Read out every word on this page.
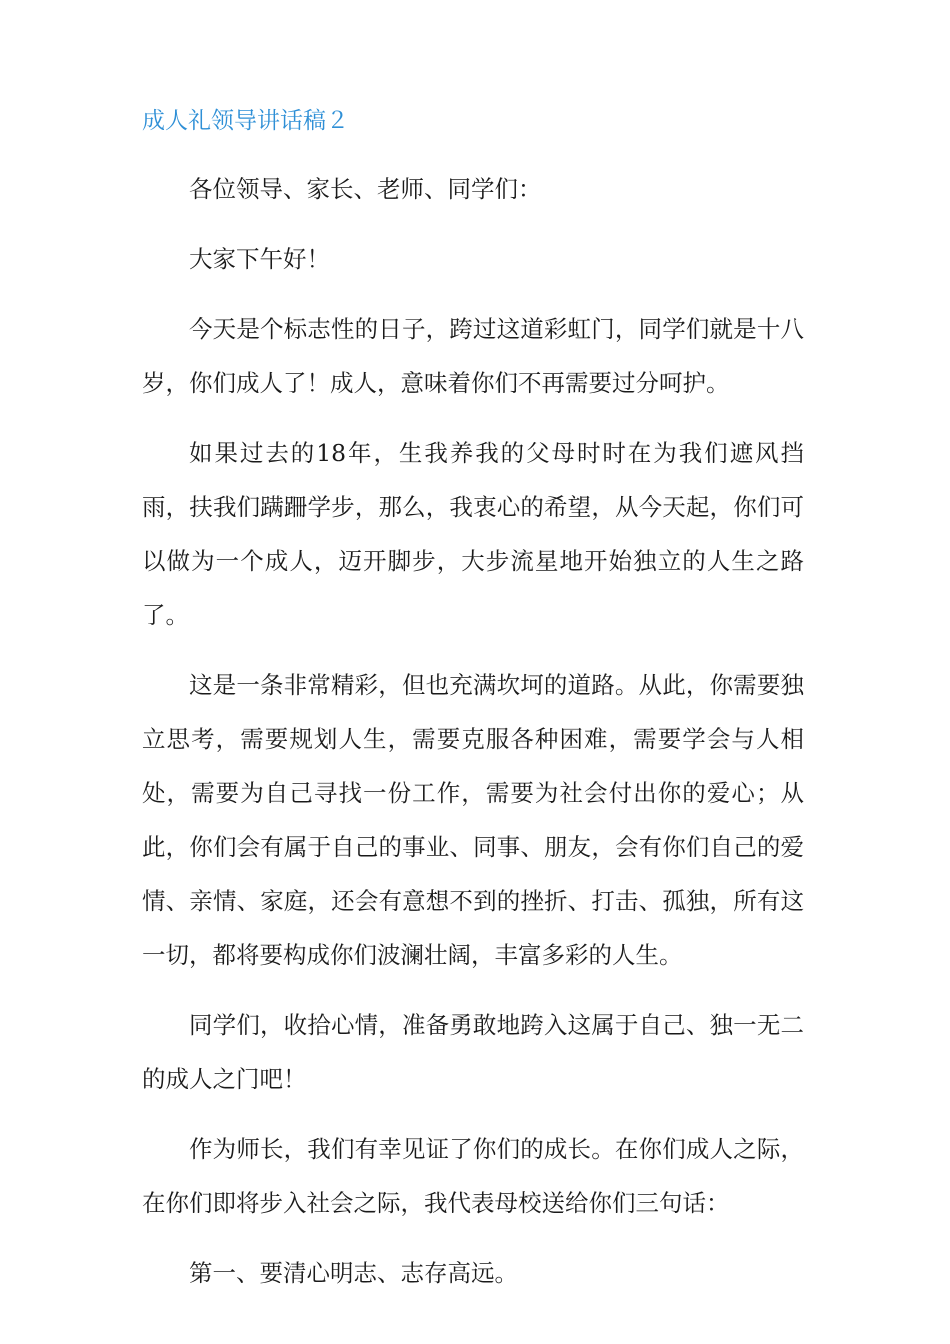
成人礼领导讲话稿２

各位领导、家长、老师、同学们：

大家下午好！

今天是个标志性的日子，跨过这道彩虹门，同学们就是十八岁，你们成人了！成人，意味着你们不再需要过分呵护。

如果过去的18年，生我养我的父母时时在为我们遮风挡雨，扶我们蹒跚学步，那么，我衷心的希望，从今天起，你们可以做为一个成人，迈开脚步，大步流星地开始独立的人生之路了。

这是一条非常精彩，但也充满坎坷的道路。从此，你需要独立思考，需要规划人生，需要克服各种困难，需要学会与人相处，需要为自己寻找一份工作，需要为社会付出你的爱心；从此，你们会有属于自己的事业、同事、朋友，会有你们自己的爱情、亲情、家庭，还会有意想不到的挫折、打击、孤独，所有这一切，都将要构成你们波澜壮阔，丰富多彩的人生。

同学们，收拾心情，准备勇敢地跨入这属于自己、独一无二的成人之门吧！

作为师长，我们有幸见证了你们的成长。在你们成人之际，在你们即将步入社会之际，我代表母校送给你们三句话：

第一、要清心明志、志存高远。
